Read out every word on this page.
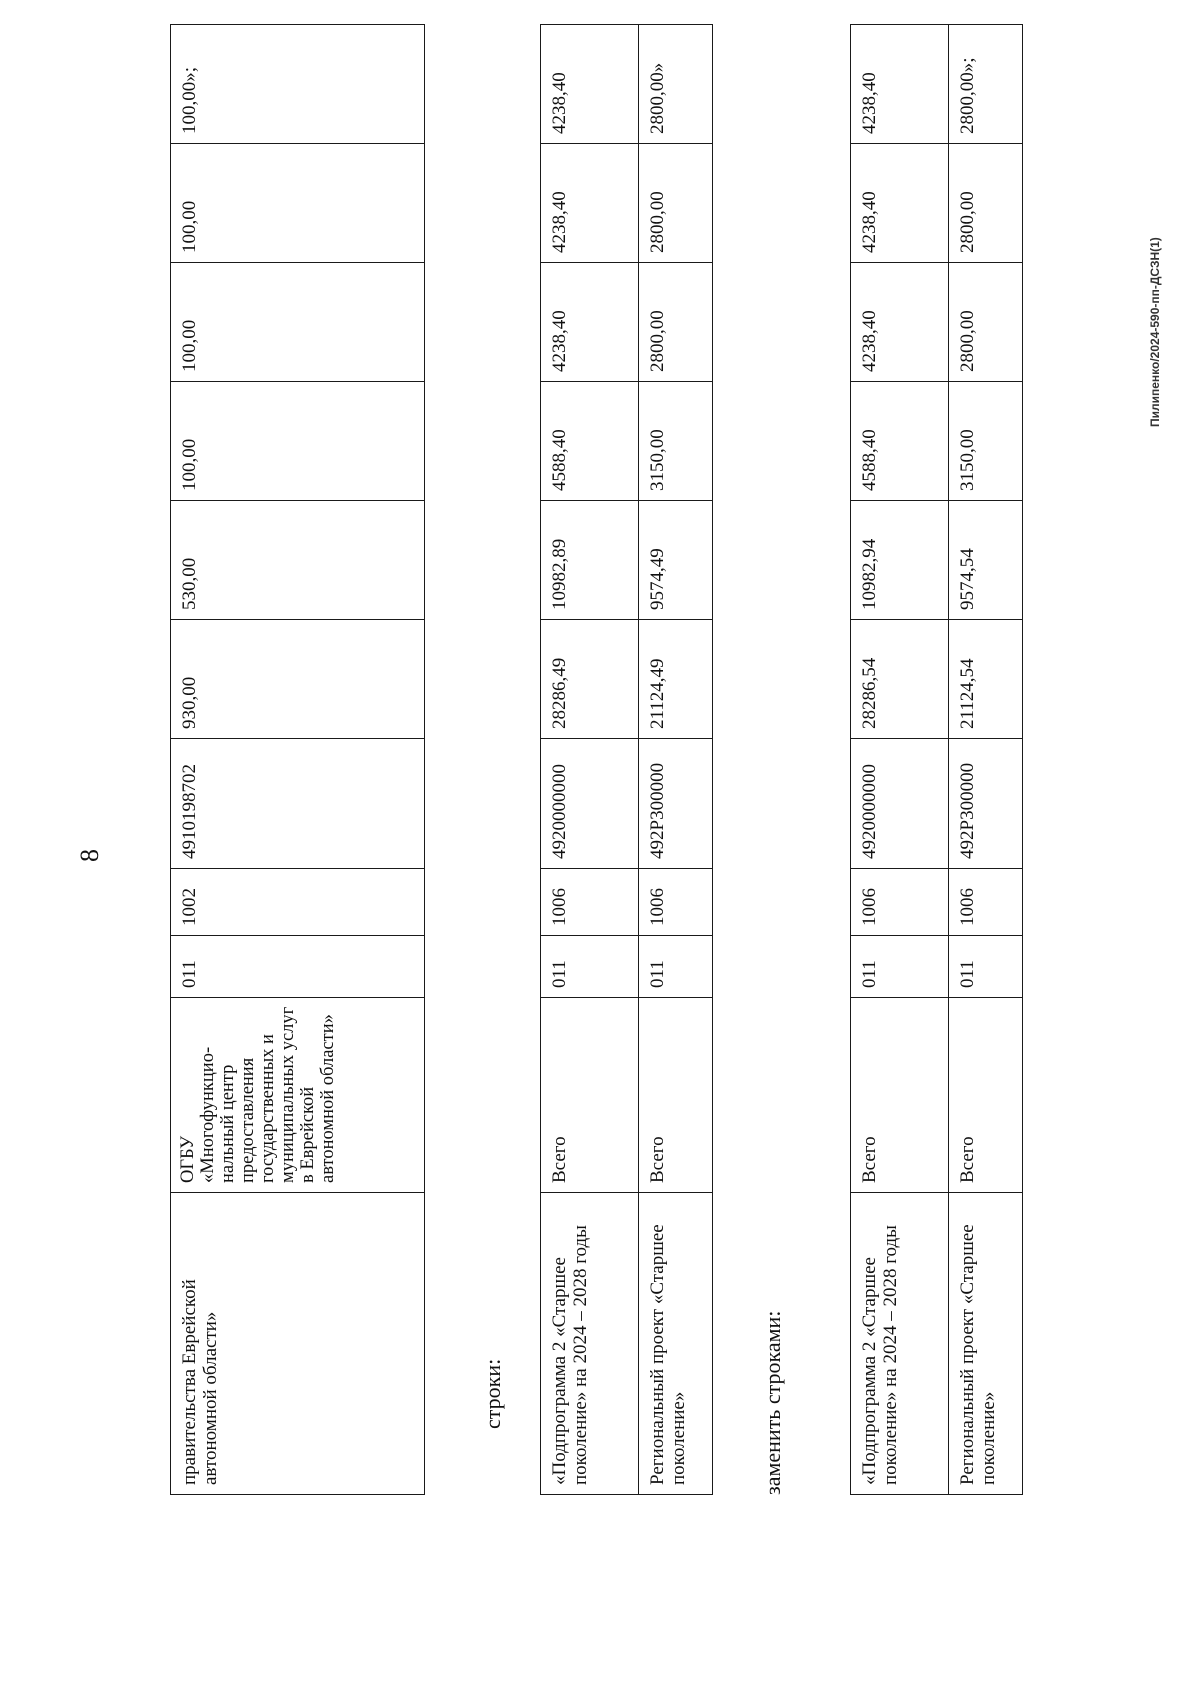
8
правительства Еврейской автономной области»	ОГБУ «Многофункцио-нальный центр предоставления государственных и муниципальных услуг в Еврейской автономной области»	011	1002	4910198702	930,00	530,00	100,00	100,00	100,00	100,00»;
строки: «Подпрограмма 2 «Старшее поколение» на 2024 – 2028 годы	Всего	011	1006	4920000000	28286,49	10982,89	4588,40	4238,40	4238,40	4238,40
Региональный проект «Старшее поколение»	Всего	011	1006	492P300000	21124,49	9574,49	3150,00	2800,00	2800,00	2800,00»
заменить строками:	«Подпрограмма 2 «Старшее поколение» на 2024 – 2028 годы	Всего	011	1006	4920000000	28286,54	10982,94	4588,40	4238,40	4238,40	4238,40
Региональный проект «Старшее поколение»	Всего	011	1006	492P300000	21124,54	9574,54	3150,00	2800,00	2800,00	2800,00»;
Пилипенко/2024-590-пп-ДСЗН(1)
